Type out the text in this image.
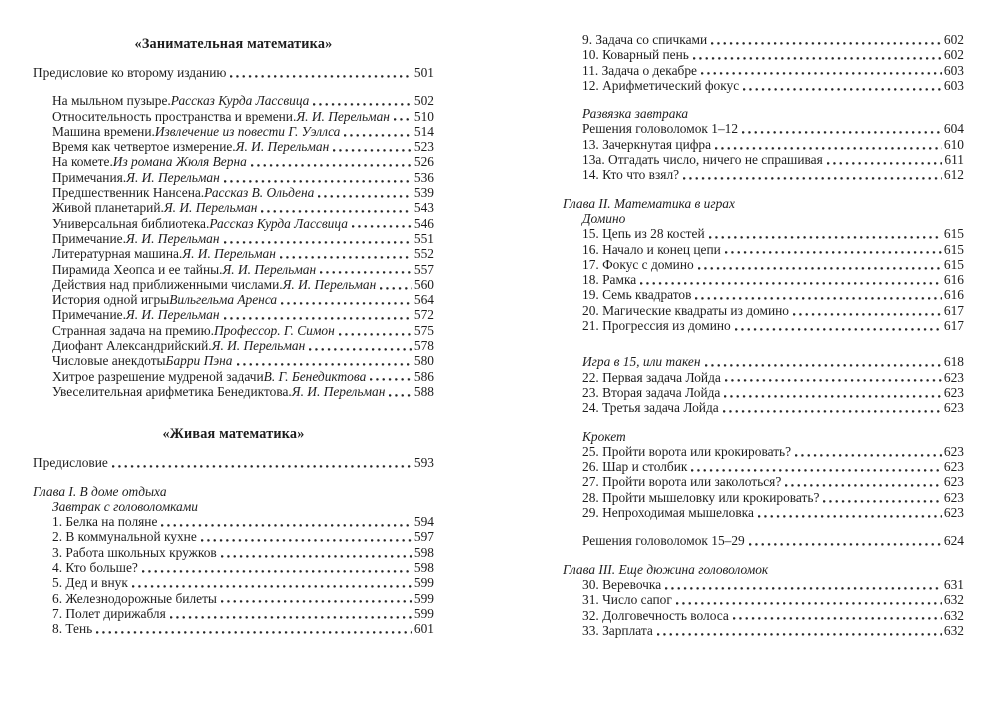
«Занимательная математика»
Предисловие ко второму изданию	501
На мыльном пузыре. Рассказ Курда Лассвица	502
Относительность пространства и времени. Я. И. Перельман 510
Машина времени. Извлечение из повести Г. Уэллса	514
Время как четвертое измерение. Я. И. Перельман	523
На комете. Из романа Жюля Верна	526
Примечания. Я. И. Перельман	536
Предшественник Нансена. Рассказ В. Ольдена	539
Живой планетарий. Я. И. Перельман	543
Универсальная библиотека. Рассказ Курда Лассвица	546
Примечание. Я. И. Перельман	551
Литературная машина. Я. И. Перельман	552
Пирамида Хеопса и ее тайны. Я. И. Перельман	557
Действия над приближенными числами. Я. И. Перельман	560
История одной игры Вильгельма Аренса	564
Примечание. Я. И. Перельман	572
Странная задача на премию. Профессор. Г. Симон	575
Диофант Александрийский. Я. И. Перельман	578
Числовые анекдоты Барри Пэна	580
Хитрое разрешение мудреной задачи В. Г. Бенедиктова	586
Увеселительная арифметика Бенедиктова. Я. И. Перельман 588
«Живая математика»
Предисловие	593
Глава I. В доме отдыха
Завтрак с головоломками
1. Белка на поляне	594
2. В коммунальной кухне	597
3. Работа школьных кружков	598
4. Кто больше?	598
5. Дед и внук	599
6. Железнодорожные билеты	599
7. Полет дирижабля	599
8. Тень	601
9. Задача со спичками	602
10. Коварный пень	602
11. Задача о декабре	603
12. Арифметический фокус	603
Развязка завтрака
Решения головоломок 1–12	604
13. Зачеркнутая цифра	610
13а. Отгадать число, ничего не спрашивая	611
14. Кто что взял?	612
Глава II. Математика в играх
Домино
15. Цепь из 28 костей	615
16. Начало и конец цепи	615
17. Фокус с домино	615
18. Рамка	616
19. Семь квадратов	616
20. Магические квадраты из домино	617
21. Прогрессия из домино	617
Игра в 15, или такен	618
22. Первая задача Лойда	623
23. Вторая задача Лойда	623
24. Третья задача Лойда	623
Крокет
25. Пройти ворота или крокировать?	623
26. Шар и столбик	623
27. Пройти ворота или заколоться?	623
28. Пройти мышеловку или крокировать?	623
29. Непроходимая мышеловка	623
Решения головоломок 15–29	624
Глава III. Еще дюжина головоломок
30. Веревочка	631
31. Число сапог	632
32. Долговечность волоса	632
33. Зарплата	632
